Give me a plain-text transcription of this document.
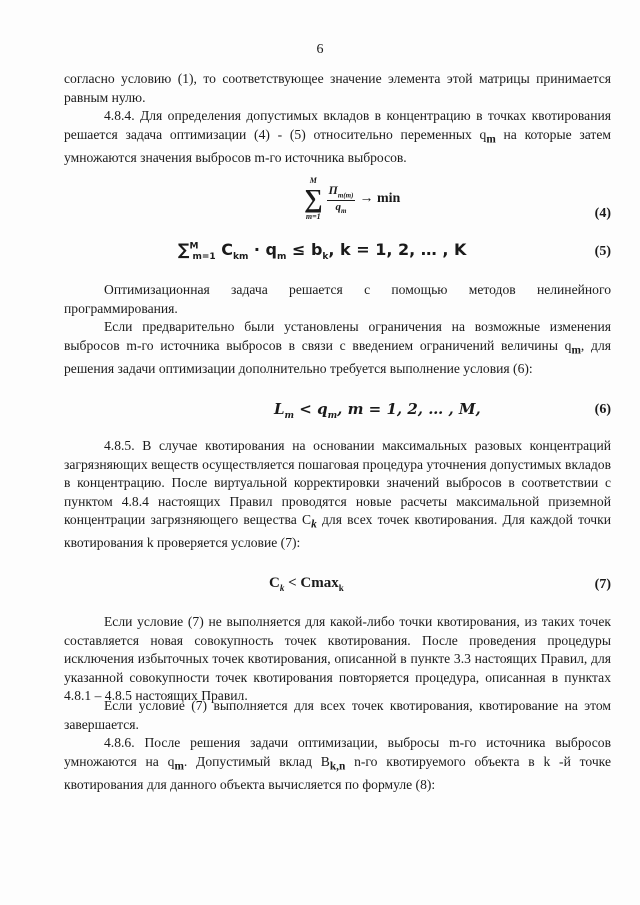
6
согласно условию (1), то соответствующее значение элемента этой матрицы принимается равным нулю.
4.8.4. Для определения допустимых вкладов в концентрацию в точках квотирования решается задача оптимизации (4) - (5) относительно переменных $q_m$ на которые затем умножаются значения выбросов m-го источника выбросов.
M
∑
m=1

$\frac{П_{m(m)}}{q_m} \to \min$
(4)
∑$^M_{m=1}$ $C_{km} \cdot q_m \le b_k$, k = 1, 2, … , K	(5)
Оптимизационная задача решается с помощью методов нелинейного программирования.
Если предварительно были установлены ограничения на возможные изменения выбросов m-го источника выбросов в связи с введением ограничений величины $q_m$, для решения задачи оптимизации дополнительно требуется выполнение условия (6):
$L_m < q_m$, m = 1, 2, … , M,	(6)
4.8.5. В случае квотирования на основании максимальных разовых концентраций загрязняющих веществ осуществляется пошаговая процедура уточнения допустимых вкладов в концентрацию. После виртуальной корректировки значений выбросов в соответствии с пунктом 4.8.4 настоящих Правил проводятся новые расчеты максимальной приземной концентрации загрязняющего вещества $C_k$ для всех точек квотирования. Для каждой точки квотирования k проверяется условие (7):
$C_k < Cmax_k$	(7)
Если условие (7) не выполняется для какой-либо точки квотирования, из таких точек составляется новая совокупность точек квотирования. После проведения процедуры исключения избыточных точек квотирования, описанной в пункте 3.3 настоящих Правил, для указанной совокупности точек квотирования повторяется процедура, описанная в пунктах 4.8.1 – 4.8.5 настоящих Правил.
Если условие (7) выполняется для всех точек квотирования, квотирование на этом завершается.
4.8.6. После решения задачи оптимизации, выбросы m-го источника выбросов умножаются на $q_m$. Допустимый вклад $B_{k,n}$ n-го квотируемого объекта в k -й точке квотирования для данного объекта вычисляется по формуле (8):
